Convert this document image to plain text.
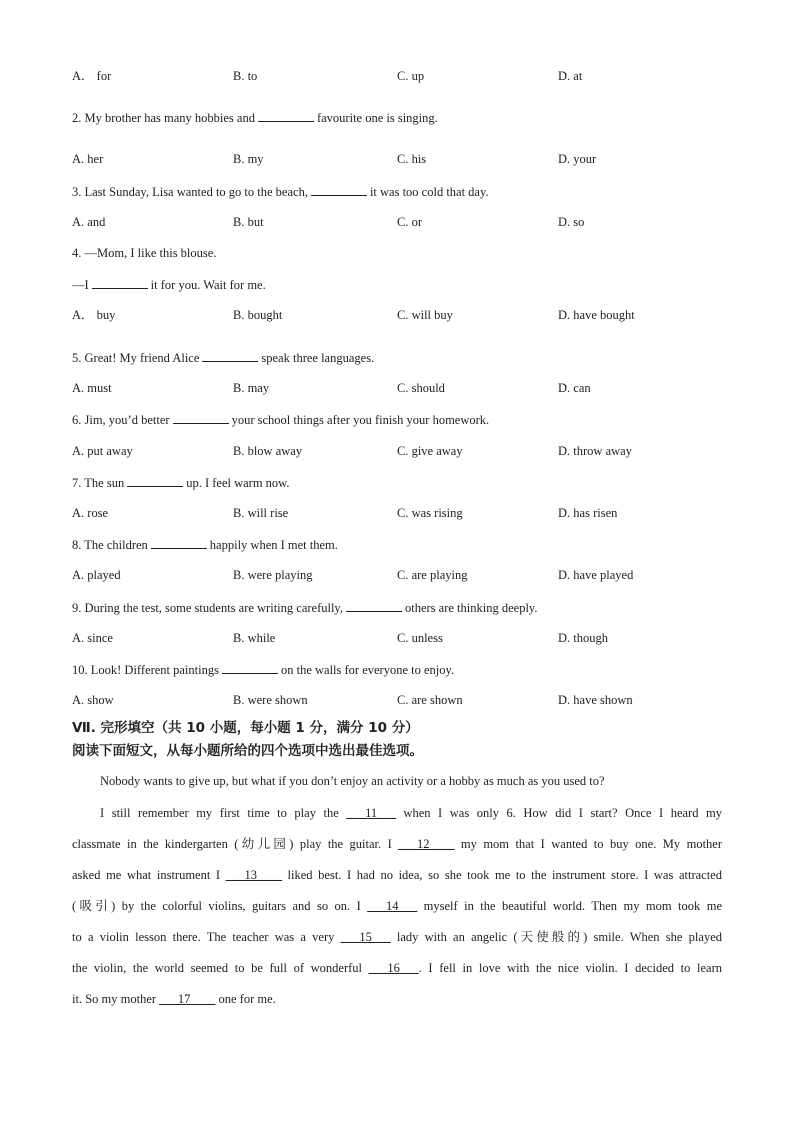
A． for	B. to	C. up	D. at
2. My brother has many hobbies and	favourite one is singing.
A. her	B. my	C. his	D. your
3. Last Sunday, Lisa wanted to go to the beach,	it was too cold that day.
A. and	B. but	C. or	D. so
4. —Mom, I like this blouse.
—I	it for you. Wait for me.
A． buy	B. bought	C. will buy	D. have bought
5. Great! My friend Alice	speak three languages.
A. must	B. may	C. should	D. can
6. Jim, you’d better	your school things after you finish your homework.
A. put away	B. blow away	C. give away	D. throw away
7. The sun	up. I feel warm now.
A. rose	B. will rise	C. was rising	D. has risen
8. The children	happily when I met them.
A. played	B. were playing	C. are playing	D. have played
9. During the test, some students are writing carefully,	others are thinking deeply.
A. since	B. while	C. unless	D. though
10. Look! Different paintings	on the walls for everyone to enjoy.
A. show	B. were shown	C. are shown	D. have shown
Ⅶ. 完形填空（共 10 小题，每小题 1 分，满分 10 分）
阅读下面短文，从每小题所给的四个选项中选出最佳选项。
Nobody wants to give up, but what if you don’t enjoy an activity or a hobby as much as you used to?
I still remember my first time to play the ___11___ when I was only 6. How did I start? Once I heard my
classmate in the kindergarten (幼儿园) play the guitar. I ___12____ my mom that I wanted to buy one. My mother
asked me what instrument I ___13____ liked best. I had no idea, so she took me to the instrument store. I was attracted
(吸引) by the colorful violins, guitars and so on. I ___14___ myself in the beautiful world. Then my mom took me
to a violin lesson there. The teacher was a very ___15___ lady with an angelic (天使般的) smile. When she played
the violin, the world seemed to be full of wonderful ___16___. I fell in love with the nice violin. I decided to learn
it. So my mother ___17____ one for me.
